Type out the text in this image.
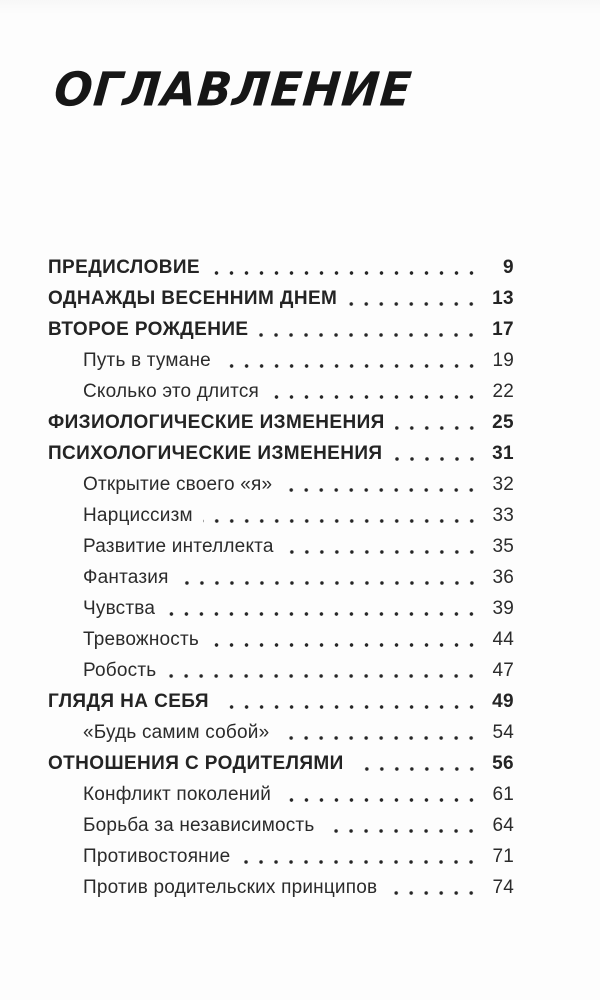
ОГЛАВЛЕНИЕ
ПРЕДИСЛОВИЕ	9
ОДНАЖДЫ ВЕСЕННИМ ДНЕМ	13
ВТОРОЕ РОЖДЕНИЕ	17
Путь в тумане	19
Сколько это длится	22
ФИЗИОЛОГИЧЕСКИЕ ИЗМЕНЕНИЯ	25
ПСИХОЛОГИЧЕСКИЕ ИЗМЕНЕНИЯ	31
Открытие своего «я»	32
Нарциссизм	33
Развитие интеллекта	35
Фантазия	36
Чувства	39
Тревожность	44
Робость	47
ГЛЯДЯ НА СЕБЯ	49
«Будь самим собой»	54
ОТНОШЕНИЯ С РОДИТЕЛЯМИ	56
Конфликт поколений	61
Борьба за независимость	64
Противостояние	71
Против родительских принципов	74
